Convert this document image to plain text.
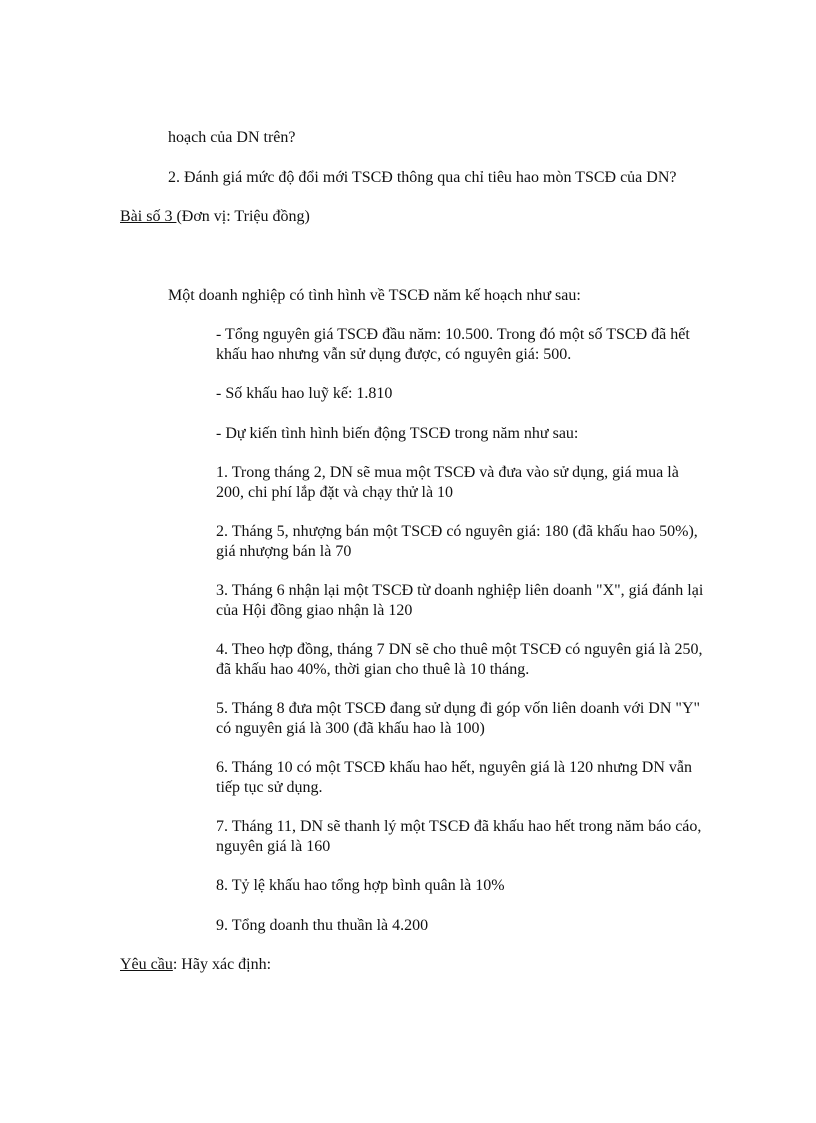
hoạch của DN trên?
2. Đánh giá mức độ đổi mới TSCĐ thông qua chỉ tiêu hao mòn TSCĐ của DN?
Bài số 3 (Đơn vị: Triệu đồng)
Một doanh nghiệp có tình hình về TSCĐ năm kế hoạch như sau:
- Tổng nguyên giá TSCĐ đầu năm: 10.500. Trong đó một số TSCĐ đã hết khấu hao nhưng vẫn sử dụng được, có nguyên giá: 500.
- Số khấu hao luỹ kế: 1.810
- Dự kiến tình hình biến động TSCĐ trong năm như sau:
1. Trong tháng 2, DN sẽ mua một TSCĐ và đưa vào sử dụng, giá mua là 200, chi phí lắp đặt và chạy thử là 10
2. Tháng 5, nhượng bán một TSCĐ có nguyên giá: 180 (đã khấu hao 50%), giá nhượng bán là 70
3. Tháng 6 nhận lại một TSCĐ từ doanh nghiệp liên doanh "X", giá đánh lại của Hội đồng giao nhận là 120
4. Theo hợp đồng, tháng 7 DN sẽ cho thuê một TSCĐ có nguyên giá là 250, đã khấu hao 40%, thời gian cho thuê là 10 tháng.
5. Tháng 8 đưa một TSCĐ đang sử dụng đi góp vốn liên doanh với DN "Y" có nguyên giá là 300 (đã khấu hao là 100)
6. Tháng 10 có một TSCĐ khấu hao hết, nguyên giá là 120 nhưng DN vẫn tiếp tục sử dụng.
7. Tháng 11, DN sẽ thanh lý một TSCĐ đã khấu hao hết trong năm báo cáo, nguyên giá là 160
8. Tỷ lệ khấu hao tổng hợp bình quân là 10%
9. Tổng doanh thu thuần là 4.200
Yêu cầu: Hãy xác định:
